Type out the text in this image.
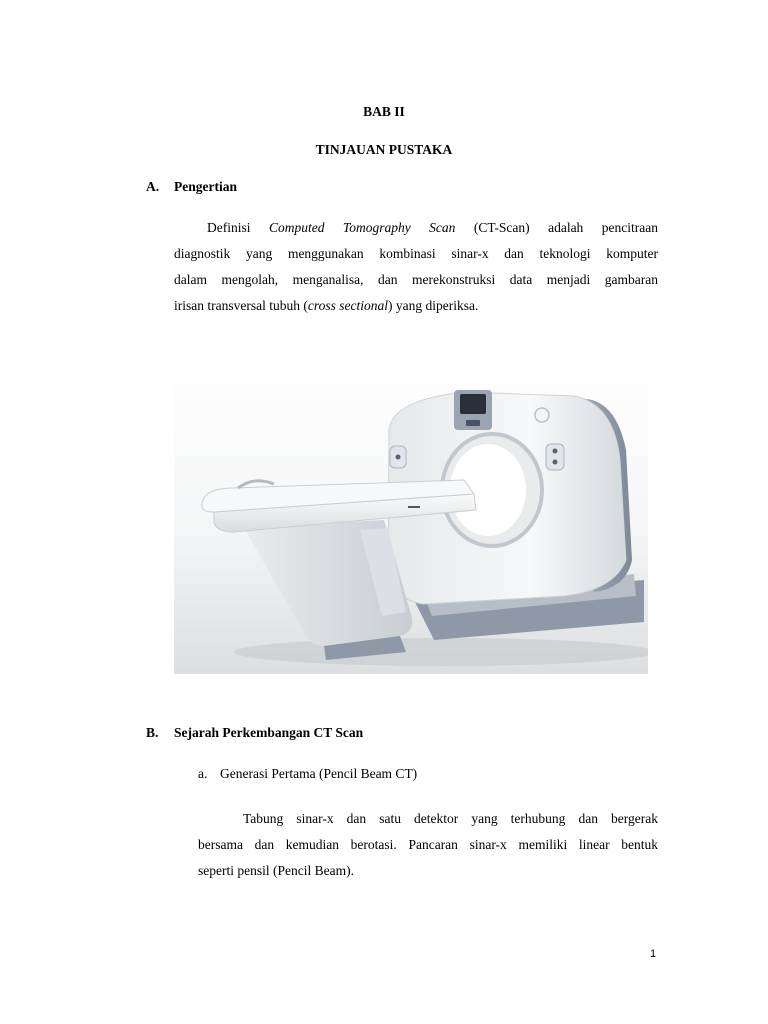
BAB II
TINJAUAN PUSTAKA
A. Pengertian
Definisi Computed Tomography Scan (CT-Scan) adalah pencitraan
diagnostik yang menggunakan kombinasi sinar-x dan teknologi komputer
dalam mengolah, menganalisa, dan merekonstruksi data menjadi gambaran
irisan transversal tubuh (cross sectional) yang diperiksa.
B. Sejarah Perkembangan CT Scan
a. Generasi Pertama (Pencil Beam CT)
Tabung sinar-x dan satu detektor yang terhubung dan bergerak
bersama dan kemudian berotasi. Pancaran sinar-x memiliki linear bentuk
seperti pensil (Pencil Beam).
1
